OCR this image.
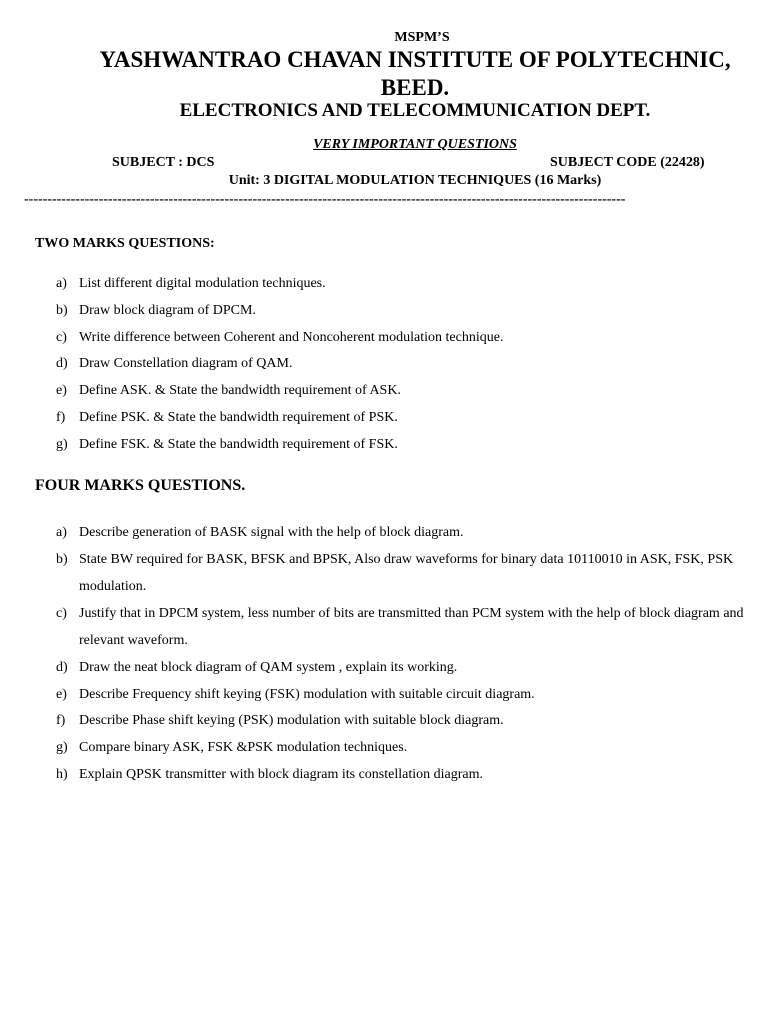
MSPM’S
YASHWANTRAO CHAVAN INSTITUTE OF POLYTECHNIC, BEED.
ELECTRONICS AND TELECOMMUNICATION DEPT.
VERY IMPORTANT QUESTIONS
SUBJECT : DCS	SUBJECT CODE (22428)
Unit: 3 DIGITAL MODULATION TECHNIQUES (16 Marks)
---------------------------------------------------------------------------------------------------------------------------------
TWO MARKS QUESTIONS:
a) List different digital modulation techniques.
b) Draw block diagram of DPCM.
c) Write difference between Coherent and Noncoherent modulation technique.
d) Draw Constellation diagram of QAM.
e) Define ASK. & State the bandwidth requirement of ASK.
f) Define PSK. & State the bandwidth requirement of PSK.
g) Define FSK. & State the bandwidth requirement of FSK.
FOUR MARKS QUESTIONS.
a) Describe generation of BASK signal with the help of block diagram.
b) State BW required for BASK, BFSK and BPSK, Also draw waveforms for binary data 10110010 in ASK, FSK, PSK modulation.
c) Justify that in DPCM system, less number of bits are transmitted than PCM system with the help of block diagram and relevant waveform.
d) Draw the neat block diagram of QAM system , explain its working.
e) Describe Frequency shift keying (FSK) modulation with suitable circuit diagram.
f) Describe Phase shift keying (PSK) modulation with suitable block diagram.
g) Compare binary ASK, FSK &PSK modulation techniques.
h) Explain QPSK transmitter with block diagram its constellation diagram.
